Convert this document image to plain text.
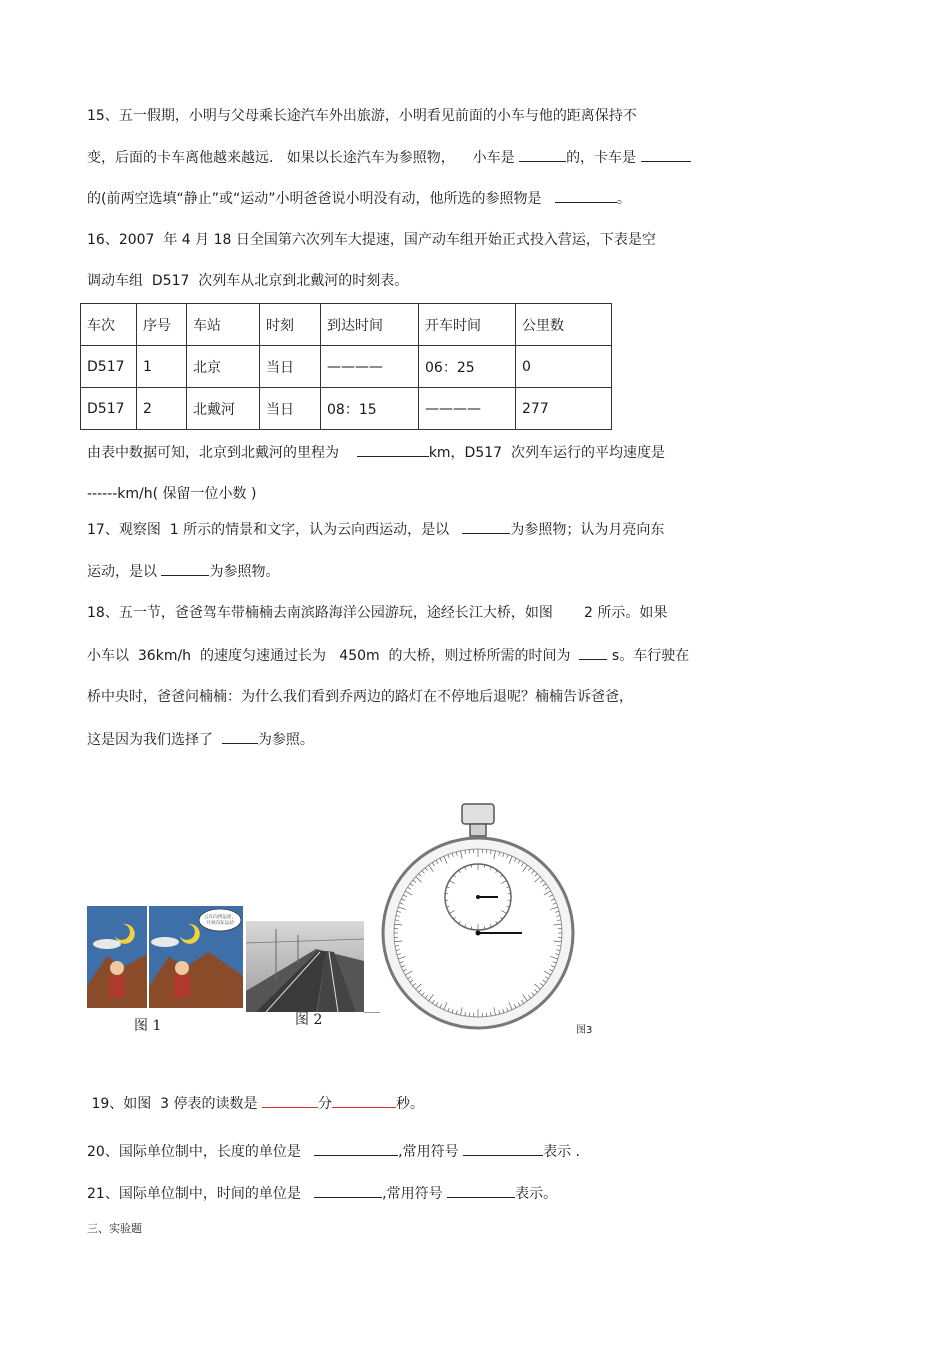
15、五一假期，小明与父母乘长途汽车外出旅游，小明看见前面的小车与他的距离保持不
变，后面的卡车离他越来越远.   如果以长途汽车为参照物，    小车是	的，卡车是
的(前两空选填“静止”或“运动”小明爸爸说小明没有动，他所选的参照物是	。
16、2007  年 4 月 18 日全国第六次列车大提速，国产动车组开始正式投入营运，下表是空
调动车组  D517  次列车从北京到北戴河的时刻表。
车次	序号	车站	时刻	到达时间	开车时间	公里数
D517	1	北京	当日	————	06：25	0
D517	2	北戴河	当日	08：15	————	277
由表中数据可知，北京到北戴河的里程为	km，D517  次列车运行的平均速度是
------km/h( 保留一位小数 )
17、观察图  1 所示的情景和文字，认为云向西运动，是以	为参照物；认为月亮向东
运动，是以	为参照物。
18、五一节，爸爸驾车带楠楠去南滨路海洋公园游玩，途经长江大桥，如图       2 所示。如果
小车以  36km/h  的速度匀速通过长为   450m  的大桥，则过桥所需的时间为   s。车行驶在
桥中央时，爸爸问楠楠：为什么我们看到乔两边的路灯在不停地后退呢？楠楠告诉爸爸，
这是因为我们选择了	为参照。
云在向西运动，
月亮向东运动
图 1	图 2
图3
19、如图  3 停表的读数是	分	秒。
20、国际单位制中，长度的单位是	,常用符号	表示 .
21、国际单位制中，时间的单位是	,常用符号	表示。
三、实验题
